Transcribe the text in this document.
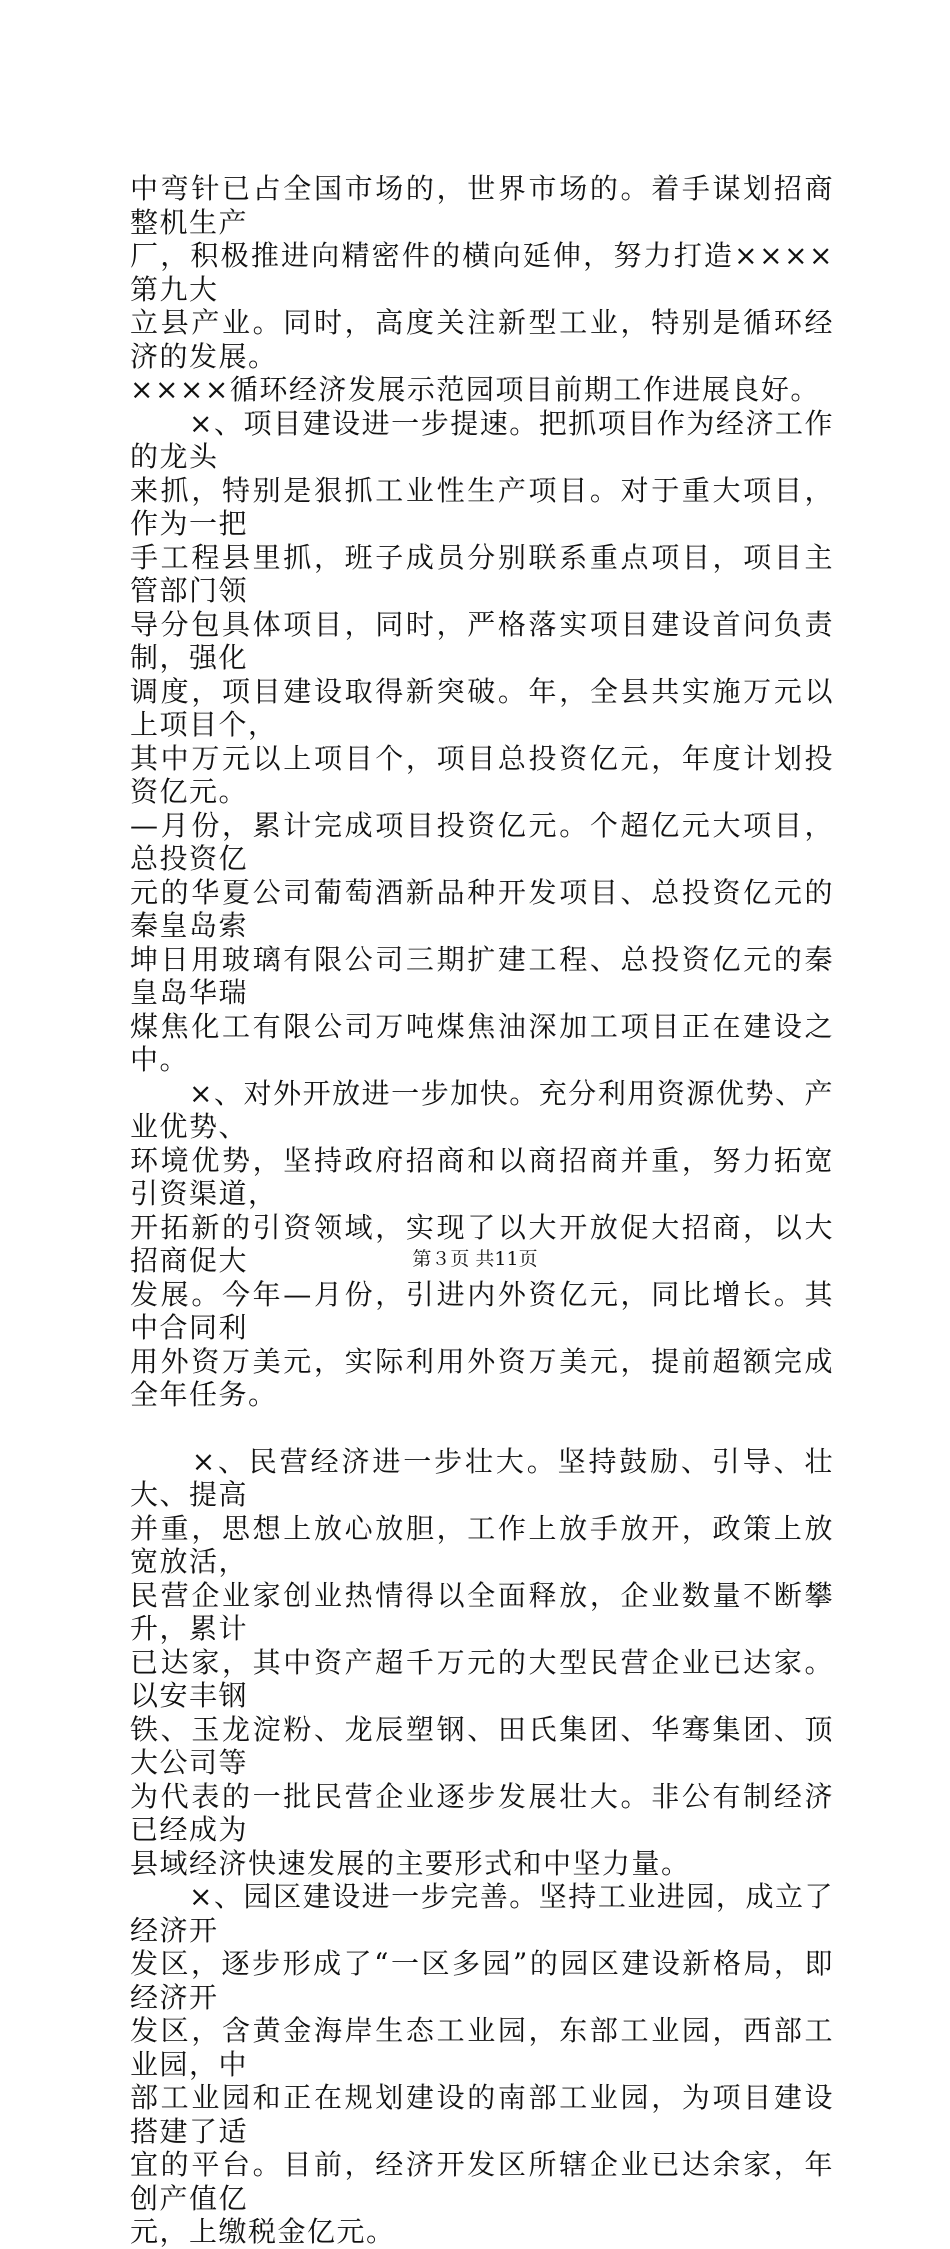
中弯针已占全国市场的，世界市场的。着手谋划招商整机生产
厂，积极推进向精密件的横向延伸，努力打造××××第九大
立县产业。同时，高度关注新型工业，特别是循环经济的发展。
××××循环经济发展示范园项目前期工作进展良好。

　　×、项目建设进一步提速。把抓项目作为经济工作的龙头
来抓，特别是狠抓工业性生产项目。对于重大项目，作为一把
手工程县里抓，班子成员分别联系重点项目，项目主管部门领
导分包具体项目，同时，严格落实项目建设首问负责制，强化
调度，项目建设取得新突破。年，全县共实施万元以上项目个，
其中万元以上项目个，项目总投资亿元，年度计划投资亿元。
—月份，累计完成项目投资亿元。个超亿元大项目，总投资亿
元的华夏公司葡萄酒新品种开发项目、总投资亿元的秦皇岛索
坤日用玻璃有限公司三期扩建工程、总投资亿元的秦皇岛华瑞
煤焦化工有限公司万吨煤焦油深加工项目正在建设之中。

　　×、对外开放进一步加快。充分利用资源优势、产业优势、
环境优势，坚持政府招商和以商招商并重，努力拓宽引资渠道，
开拓新的引资领域，实现了以大开放促大招商，以大招商促大
发展。今年—月份，引进内外资亿元，同比增长。其中合同利
用外资万美元，实际利用外资万美元，提前超额完成全年任务。

　　×、民营经济进一步壮大。坚持鼓励、引导、壮大、提高
并重，思想上放心放胆，工作上放手放开，政策上放宽放活，
民营企业家创业热情得以全面释放，企业数量不断攀升，累计
已达家，其中资产超千万元的大型民营企业已达家。以安丰钢
铁、玉龙淀粉、龙辰塑钢、田氏集团、华骞集团、顶大公司等
为代表的一批民营企业逐步发展壮大。非公有制经济已经成为
县域经济快速发展的主要形式和中坚力量。

　　×、园区建设进一步完善。坚持工业进园，成立了经济开
发区，逐步形成了“一区多园”的园区建设新格局，即经济开
发区，含黄金海岸生态工业园，东部工业园，西部工业园，中
部工业园和正在规划建设的南部工业园，为项目建设搭建了适
宜的平台。目前，经济开发区所辖企业已达余家，年创产值亿
元，上缴税金亿元。

第３页 共11页
